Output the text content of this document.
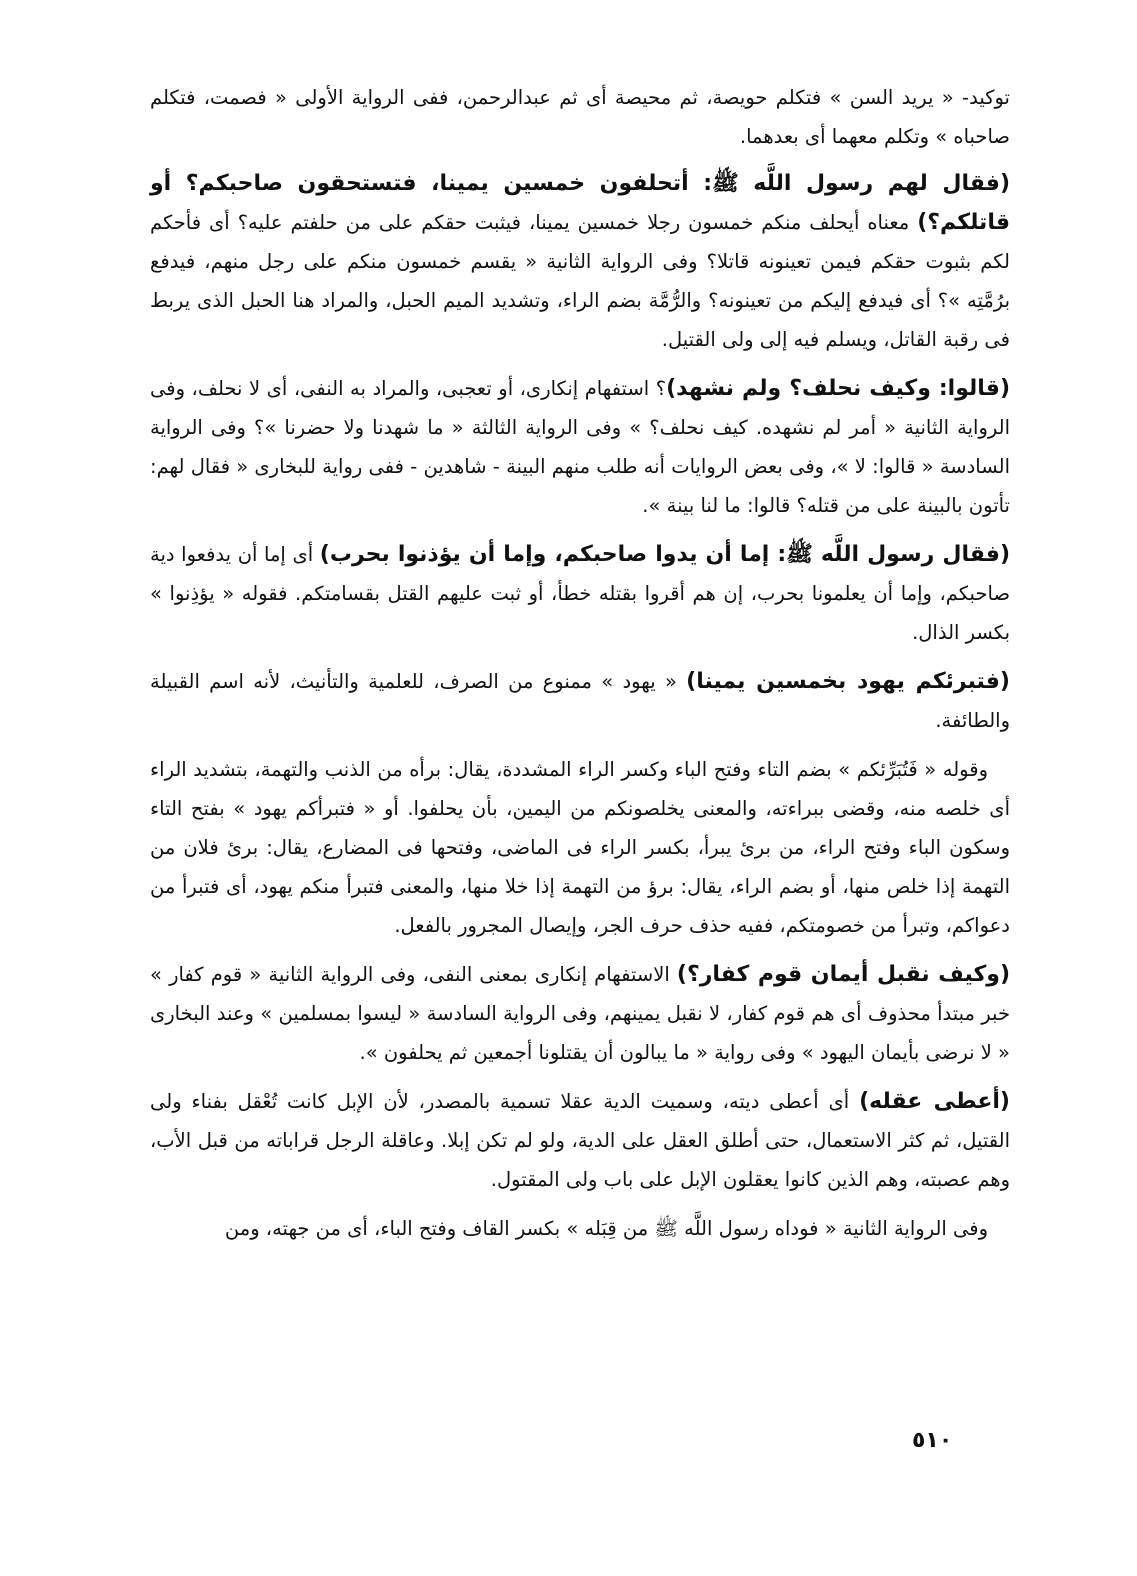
توكيد- « يريد السن » فتكلم حويصة، ثم محيصة أى ثم عبدالرحمن، ففى الرواية الأولى « فصمت، فتكلم صاحباه » وتكلم معهما أى بعدهما.

(فقال لهم رسول اللَّه ﷺ: أتحلفون خمسين يمينا، فتستحقون صاحبكم؟ أو قاتلكم؟) معناه أيحلف منكم خمسون رجلا خمسين يمينا، فيثبت حقكم على من حلفتم عليه؟ أى فأحكم لكم بثبوت حقكم فيمن تعينونه قاتلا؟ وفى الرواية الثانية « يقسم خمسون منكم على رجل منهم، فيدفع برُمَّتِه »؟ أى فيدفع إليكم من تعينونه؟ والرُّمَّة بضم الراء، وتشديد الميم الحبل، والمراد هنا الحبل الذى يربط فى رقبة القاتل، ويسلم فيه إلى ولى القتيل.

(قالوا: وكيف نحلف؟ ولم نشهد)؟ استفهام إنكارى، أو تعجبى، والمراد به النفى، أى لا نحلف، وفى الرواية الثانية « أمر لم نشهده. كيف نحلف؟ » وفى الرواية الثالثة « ما شهدنا ولا حضرنا »؟ وفى الرواية السادسة « قالوا: لا »، وفى بعض الروايات أنه طلب منهم البينة - شاهدين - ففى رواية للبخارى « فقال لهم: تأتون بالبينة على من قتله؟ قالوا: ما لنا بينة ».

(فقال رسول اللَّه ﷺ: إما أن يدوا صاحبكم، وإما أن يؤذنوا بحرب) أى إما أن يدفعوا دية صاحبكم، وإما أن يعلمونا بحرب، إن هم أقروا بقتله خطأ، أو ثبت عليهم القتل بقسامتكم. فقوله « يؤذِنوا » بكسر الذال.

(فتبرئكم يهود بخمسين يمينا) « يهود » ممنوع من الصرف، للعلمية والتأنيث، لأنه اسم القبيلة والطائفة.

وقوله « فَتُبَرِّئكم » بضم التاء وفتح الباء وكسر الراء المشددة، يقال: برأه من الذنب والتهمة، بتشديد الراء أى خلصه منه، وقضى ببراءته، والمعنى يخلصونكم من اليمين، بأن يحلفوا. أو « فتبرأكم يهود » بفتح التاء وسكون الباء وفتح الراء، من برئ يبرأ، بكسر الراء فى الماضى، وفتحها فى المضارع، يقال: برئ فلان من التهمة إذا خلص منها، أو بضم الراء، يقال: برؤ من التهمة إذا خلا منها، والمعنى فتبرأ منكم يهود، أى فتبرأ من دعواكم، وتبرأ من خصومتكم، ففيه حذف حرف الجر، وإيصال المجرور بالفعل.

(وكيف نقبل أيمان قوم كفار؟) الاستفهام إنكارى بمعنى النفى، وفى الرواية الثانية « قوم كفار » خبر مبتدأ محذوف أى هم قوم كفار، لا نقبل يمينهم، وفى الرواية السادسة « ليسوا بمسلمين » وعند البخارى « لا نرضى بأيمان اليهود » وفى رواية « ما يبالون أن يقتلونا أجمعين ثم يحلفون ».

(أعطى عقله) أى أعطى ديته، وسميت الدية عقلا تسمية بالمصدر، لأن الإبل كانت تُعْقل بفناء ولى القتيل، ثم كثر الاستعمال، حتى أطلق العقل على الدية، ولو لم تكن إبلا. وعاقلة الرجل قراباته من قبل الأب، وهم عصبته، وهم الذين كانوا يعقلون الإبل على باب ولى المقتول.

وفى الرواية الثانية « فوداه رسول اللَّه ﷺ من قِبَله » بكسر القاف وفتح الباء، أى من جهته، ومن

٥١٠
